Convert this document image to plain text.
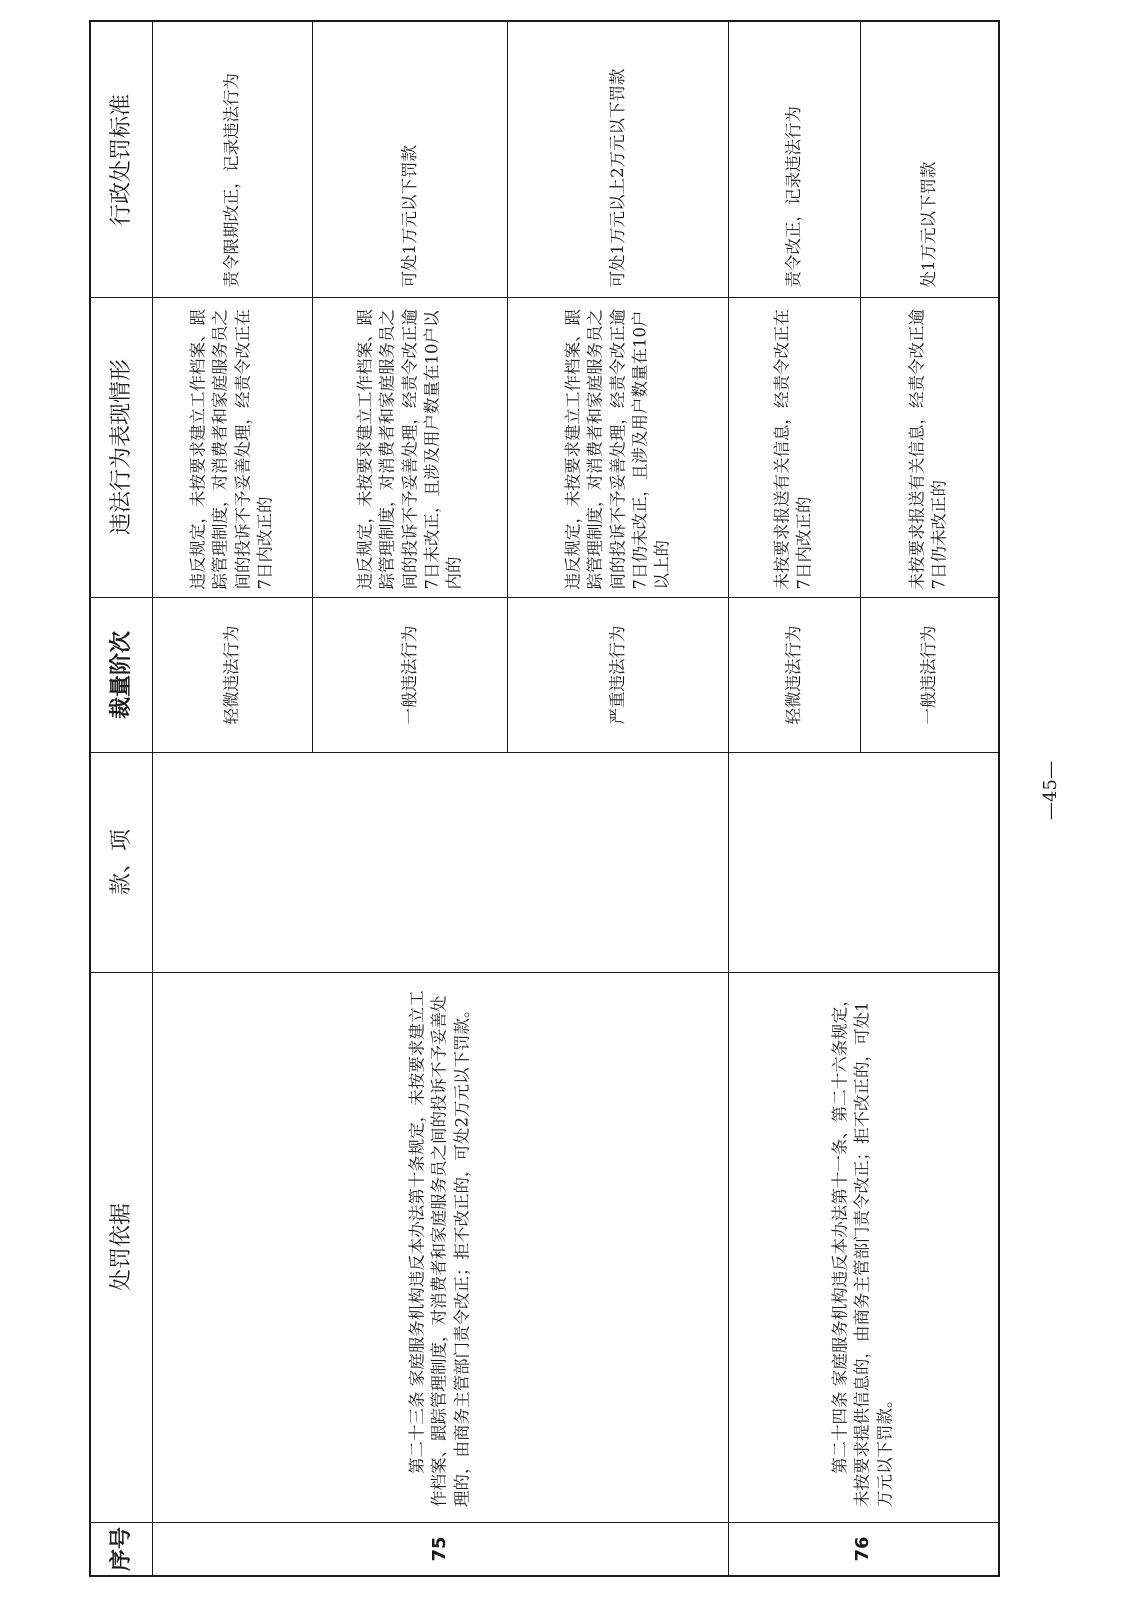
行政处罚标准
违法行为表现情形
裁量阶次
款、项
处罚依据
序号
责令限期改正，记录违法行为
违反规定，未按要求建立工作档案、跟踪管理制度，对消费者和家庭服务员之间的投诉不予妥善处理，经责令改正在7日内改正的
轻微违法行为
可处1万元以下罚款
违反规定，未按要求建立工作档案、跟踪管理制度，对消费者和家庭服务员之间的投诉不予妥善处理，经责令改正逾7日未改正，且涉及用户数量在10户以内的
一般违法行为
可处1万元以上2万元以下罚款
违反规定，未按要求建立工作档案、跟踪管理制度，对消费者和家庭服务员之间的投诉不予妥善处理，经责令改正逾7日仍未改正，且涉及用户数量在10户以上的
严重违法行为
第二十三条 家庭服务机构违反本办法第十条规定，未按要求建立工作档案、跟踪管理制度，对消费者和家庭服务员之间的投诉不予妥善处理的，由商务主管部门责令改正；拒不改正的，可处2万元以下罚款。
75
责令改正，记录违法行为
未按要求报送有关信息，经责令改正在7日内改正的
轻微违法行为
处1万元以下罚款
未按要求报送有关信息，经责令改正逾7日仍未改正的
一般违法行为
第二十四条 家庭服务机构违反本办法第十一条、第二十六条规定，未按要求提供信息的，由商务主管部门责令改正；拒不改正的，可处1万元以下罚款。
76
—45—
